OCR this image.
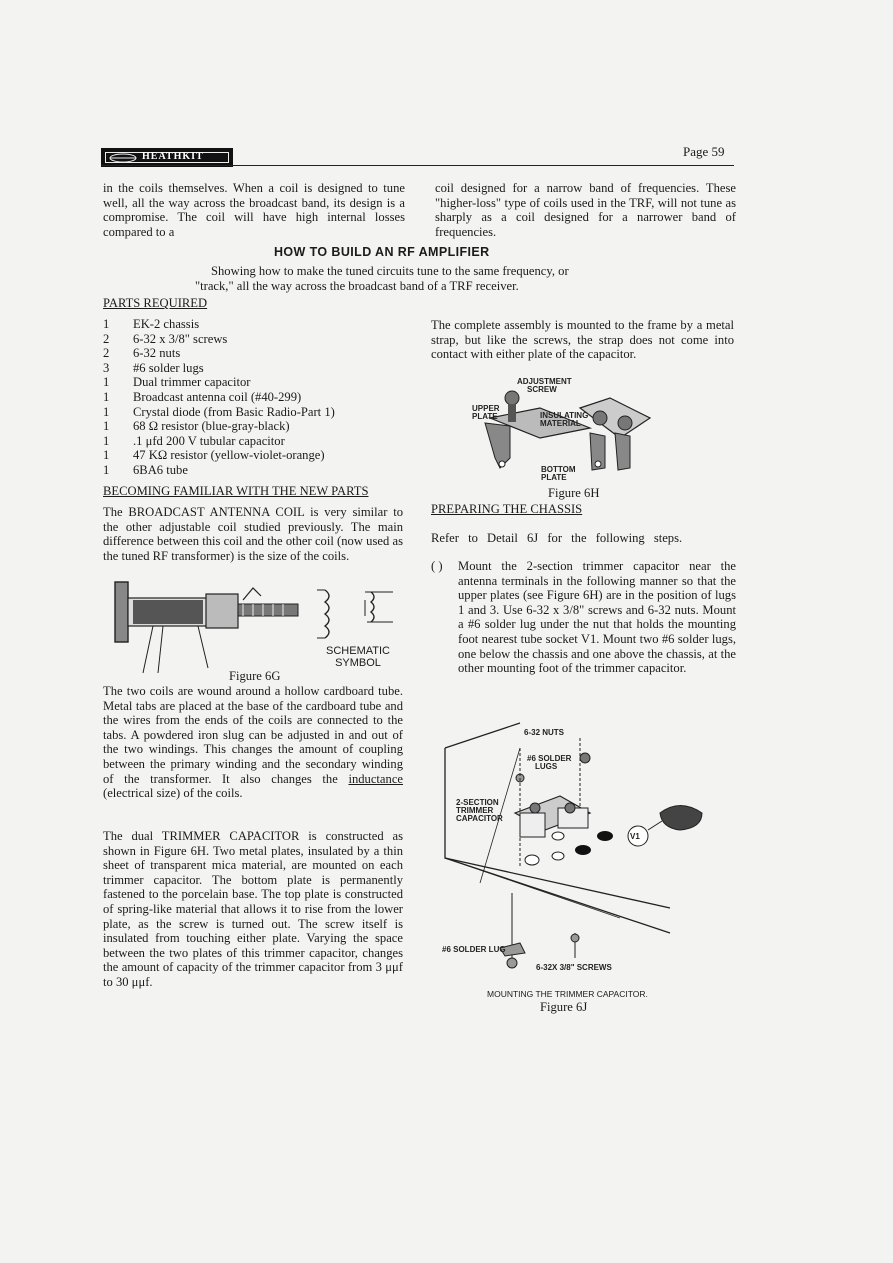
HEATHKIT	Page 59
in the coils themselves. When a coil is designed to tune well, all the way across the broadcast band, its design is a compromise. The coil will have high internal losses compared to a
coil designed for a narrow band of frequencies. These "higher-loss" type of coils used in the TRF, will not tune as sharply as a coil designed for a narrower band of frequencies.
HOW TO BUILD AN RF AMPLIFIER
Showing how to make the tuned circuits tune to the same frequency, or
"track," all the way across the broadcast band of a TRF receiver.
PARTS REQUIRED
1 EK-2 chassis
2 6-32 x 3/8" screws
2 6-32 nuts
3 #6 solder lugs
1 Dual trimmer capacitor
1 Broadcast antenna coil (#40-299)
1 Crystal diode (from Basic Radio-Part 1)
1 68 Ω resistor (blue-gray-black)
1 .1 μfd 200 V tubular capacitor
1 47 KΩ resistor (yellow-violet-orange)
1 6BA6 tube
BECOMING FAMILIAR WITH THE NEW PARTS
The BROADCAST ANTENNA COIL is very similar to the other adjustable coil studied previously. The main difference between this coil and the other coil (now used as the tuned RF transformer) is the size of the coils.
SCHEMATIC
SYMBOL
Figure 6G
The two coils are wound around a hollow cardboard tube. Metal tabs are placed at the base of the cardboard tube and the wires from the ends of the coils are connected to the tabs. A powdered iron slug can be adjusted in and out of the two windings. This changes the amount of coupling between the primary winding and the secondary winding of the transformer. It also changes the inductance (electrical size) of the coils.
The dual TRIMMER CAPACITOR is constructed as shown in Figure 6H. Two metal plates, insulated by a thin sheet of transparent mica material, are mounted on each trimmer capacitor. The bottom plate is permanently fastened to the porcelain base. The top plate is constructed of spring-like material that allows it to rise from the lower plate, as the screw is turned out. The screw itself is insulated from touching either plate. Varying the space between the two plates of this trimmer capacitor, changes the amount of capacity of the trimmer capacitor from 3 μμf to 30 μμf.
The complete assembly is mounted to the frame by a metal strap, but like the screws, the strap does not come into contact with either plate of the capacitor.
ADJUSTMENT
SCREW
UPPER
PLATE	INSULATING
MATERIAL
BOTTOM
PLATE
Figure 6H
PREPARING THE CHASSIS
Refer to Detail 6J for the following steps.
( ) Mount the 2-section trimmer capacitor near the antenna terminals in the following manner so that the upper plates (see Figure 6H) are in the position of lugs 1 and 3. Use 6-32 x 3/8" screws and 6-32 nuts. Mount a #6 solder lug under the nut that holds the mounting foot nearest tube socket V1. Mount two #6 solder lugs, one below the chassis and one above the chassis, at the other mounting foot of the trimmer capacitor.
6-32 NUTS
#6 SOLDER
LUGS
2-SECTION
TRIMMER
CAPACITOR
V1
#6 SOLDER LUG
6-32X 3/8" SCREWS
MOUNTING THE TRIMMER CAPACITOR.
Figure 6J
